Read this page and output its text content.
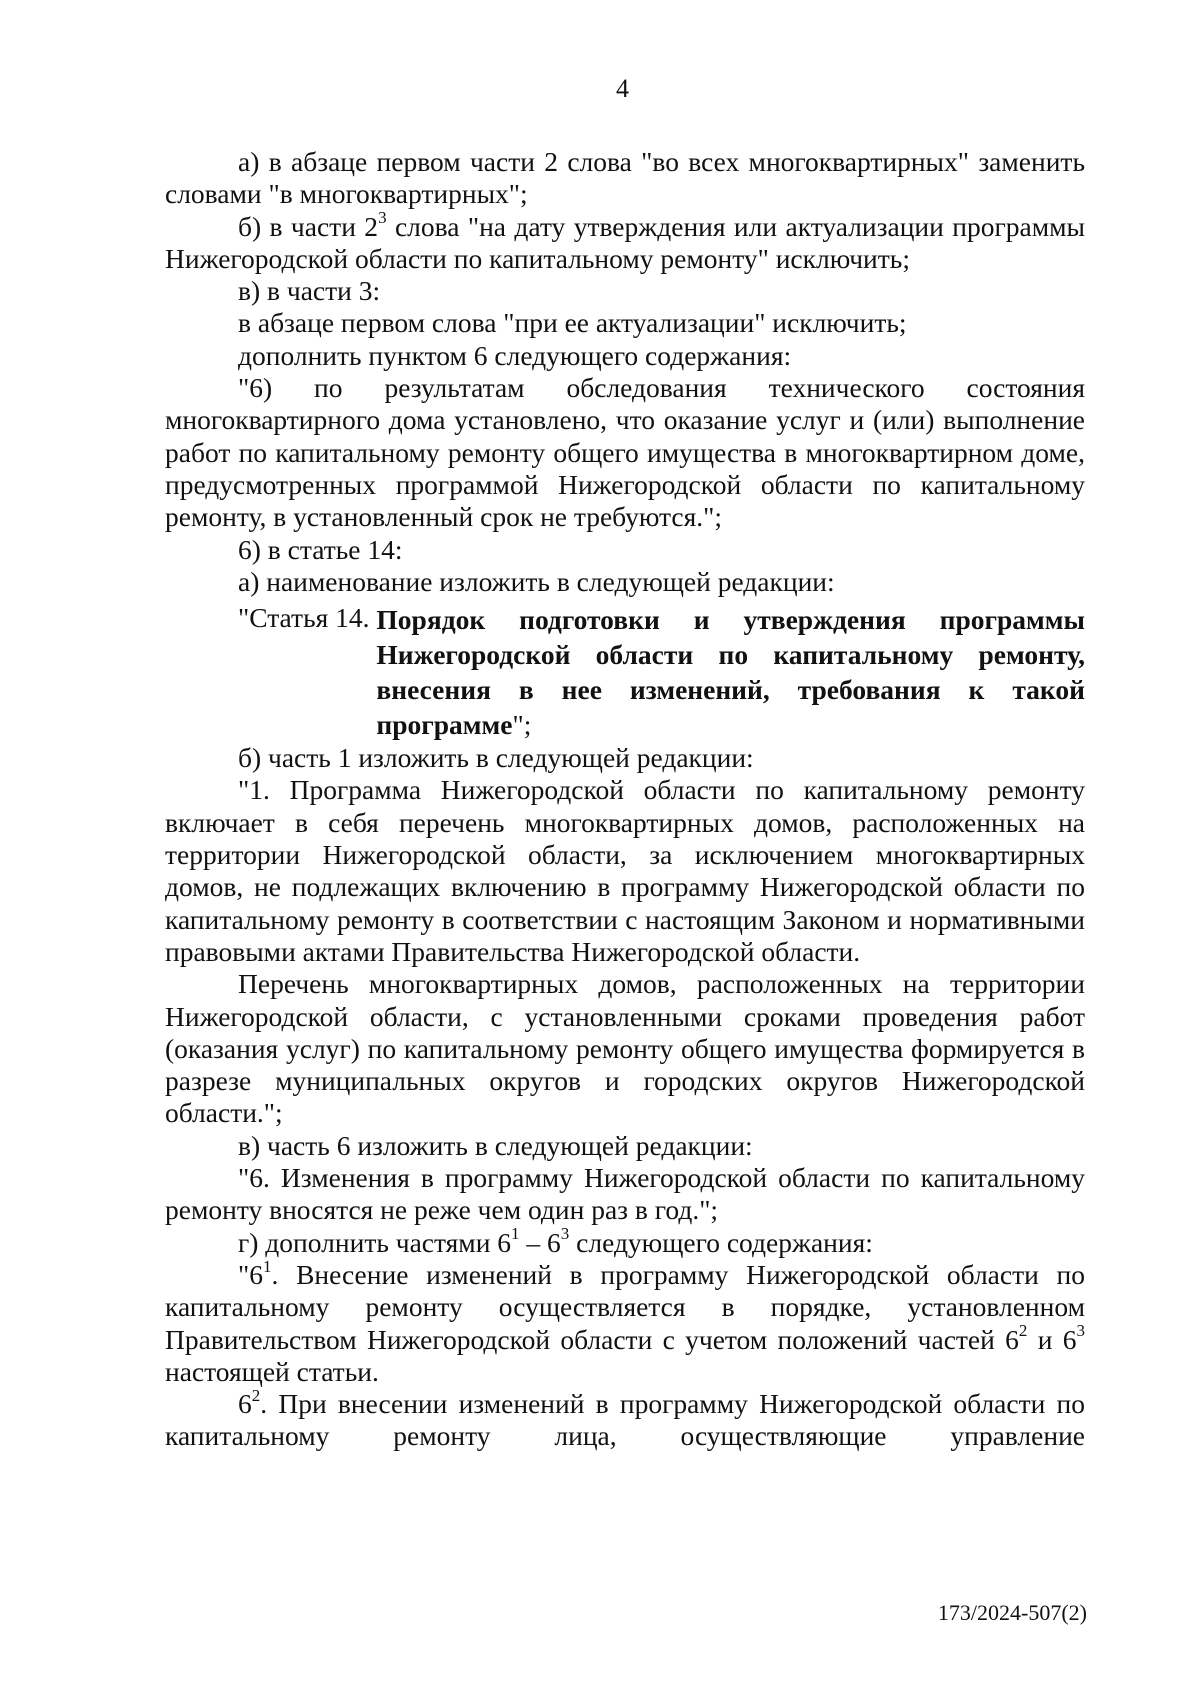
4

а) в абзаце первом части 2 слова "во всех многоквартирных" заменить словами "в многоквартирных";

б) в части $2^3$ слова "на дату утверждения или актуализации программы Нижегородской области по капитальному ремонту" исключить;

в) в части 3:

в абзаце первом слова "при ее актуализации" исключить;

дополнить пунктом 6 следующего содержания:

"6) по результатам обследования технического состояния многоквартирного дома установлено, что оказание услуг и (или) выполнение работ по капитальному ремонту общего имущества в многоквартирном доме, предусмотренных программой Нижегородской области по капитальному ремонту, в установленный срок не требуются.";

6) в статье 14:

а) наименование изложить в следующей редакции:

"Статья 14. Порядок подготовки и утверждения программы Нижегородской области по капитальному ремонту, внесения в нее изменений, требования к такой программе";

б) часть 1 изложить в следующей редакции:

"1. Программа Нижегородской области по капитальному ремонту включает в себя перечень многоквартирных домов, расположенных на территории Нижегородской области, за исключением многоквартирных домов, не подлежащих включению в программу Нижегородской области по капитальному ремонту в соответствии с настоящим Законом и нормативными правовыми актами Правительства Нижегородской области.

Перечень многоквартирных домов, расположенных на территории Нижегородской области, с установленными сроками проведения работ (оказания услуг) по капитальному ремонту общего имущества формируется в разрезе муниципальных округов и городских округов Нижегородской области.";

в) часть 6 изложить в следующей редакции:

"6. Изменения в программу Нижегородской области по капитальному ремонту вносятся не реже чем один раз в год.";

г) дополнить частями $6^1 - 6^3$ следующего содержания:

"$6^1$. Внесение изменений в программу Нижегородской области по капитальному ремонту осуществляется в порядке, установленном Правительством Нижегородской области с учетом положений частей $6^2$ и $6^3$ настоящей статьи.

$6^2$. При внесении изменений в программу Нижегородской области по капитальному ремонту лица, осуществляющие управление

173/2024-507(2)
